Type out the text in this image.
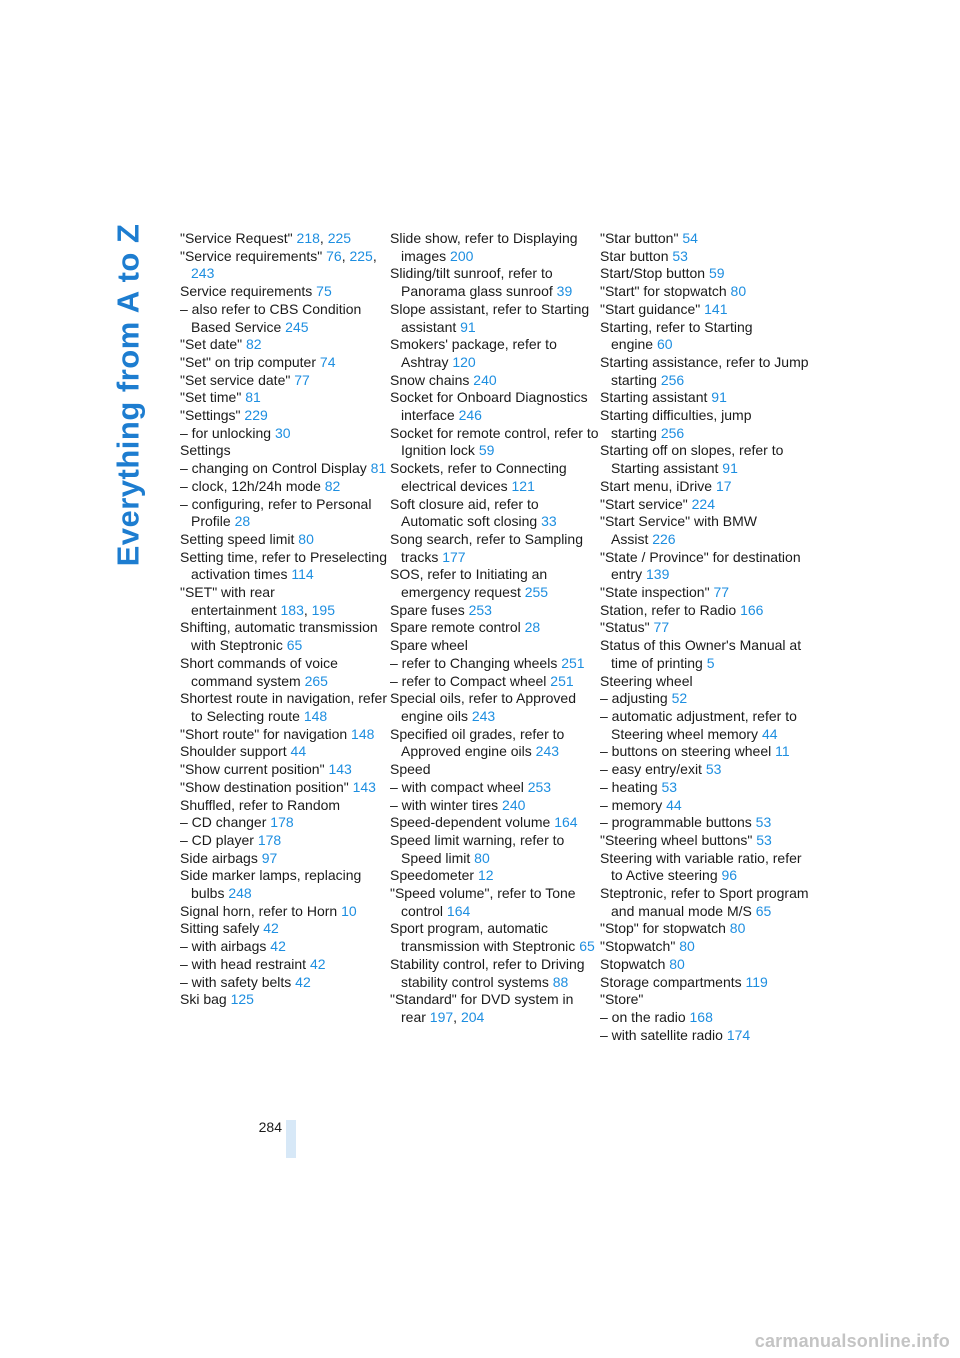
Everything from A to Z "Service Request" 218, 225

"Service requirements" 76, 225, 243

Service requirements 75

– also refer to CBS Condition Based Service 245

"Set date" 82

"Set" on trip computer 74

"Set service date" 77

"Set time" 81

"Settings" 229

– for unlocking 30

Settings

– changing on Control Display 81

– clock, 12h/24h mode 82

– configuring, refer to Personal Profile 28

Setting speed limit 80

Setting time, refer to Preselecting activation times 114

"SET" with rear entertainment 183, 195

Shifting, automatic transmission with Steptronic 65

Short commands of voice command system 265

Shortest route in navigation, refer to Selecting route 148

"Short route" for navigation 148

Shoulder support 44

"Show current position" 143

"Show destination position" 143

Shuffled, refer to Random

– CD changer 178

– CD player 178

Side airbags 97

Side marker lamps, replacing bulbs 248

Signal horn, refer to Horn 10

Sitting safely 42

– with airbags 42

– with head restraint 42

– with safety belts 42

Ski bag 125

Slide show, refer to Displaying images 200

Sliding/tilt sunroof, refer to Panorama glass sunroof 39

Slope assistant, refer to Starting assistant 91

Smokers' package, refer to Ashtray 120

Snow chains 240

Socket for Onboard Diagnostics interface 246

Socket for remote control, refer to Ignition lock 59

Sockets, refer to Connecting electrical devices 121

Soft closure aid, refer to Automatic soft closing 33

Song search, refer to Sampling tracks 177

SOS, refer to Initiating an emergency request 255

Spare fuses 253

Spare remote control 28

Spare wheel

– refer to Changing wheels 251

– refer to Compact wheel 251

Special oils, refer to Approved engine oils 243

Specified oil grades, refer to Approved engine oils 243

Speed

– with compact wheel 253

– with winter tires 240

Speed-dependent volume 164

Speed limit warning, refer to Speed limit 80

Speedometer 12

"Speed volume", refer to Tone control 164

Sport program, automatic transmission with Steptronic 65

Stability control, refer to Driving stability control systems 88

"Standard" for DVD system in rear 197, 204

"Star button" 54

Star button 53

Start/Stop button 59

"Start" for stopwatch 80

"Start guidance" 141

Starting, refer to Starting engine 60

Starting assistance, refer to Jump starting 256

Starting assistant 91

Starting difficulties, jump starting 256

Starting off on slopes, refer to Starting assistant 91

Start menu, iDrive 17

"Start service" 224

"Start Service" with BMW Assist 226

"State / Province" for destination entry 139

"State inspection" 77

Station, refer to Radio 166

"Status" 77

Status of this Owner's Manual at time of printing 5

Steering wheel

– adjusting 52

– automatic adjustment, refer to Steering wheel memory 44

– buttons on steering wheel 11

– easy entry/exit 53

– heating 53

– memory 44

– programmable buttons 53

"Steering wheel buttons" 53

Steering with variable ratio, refer to Active steering 96

Steptronic, refer to Sport program and manual mode M/S 65

"Stop" for stopwatch 80

"Stopwatch" 80

Stopwatch 80

Storage compartments 119

"Store"

– on the radio 168

– with satellite radio 174

284
carmanualsonline.info
